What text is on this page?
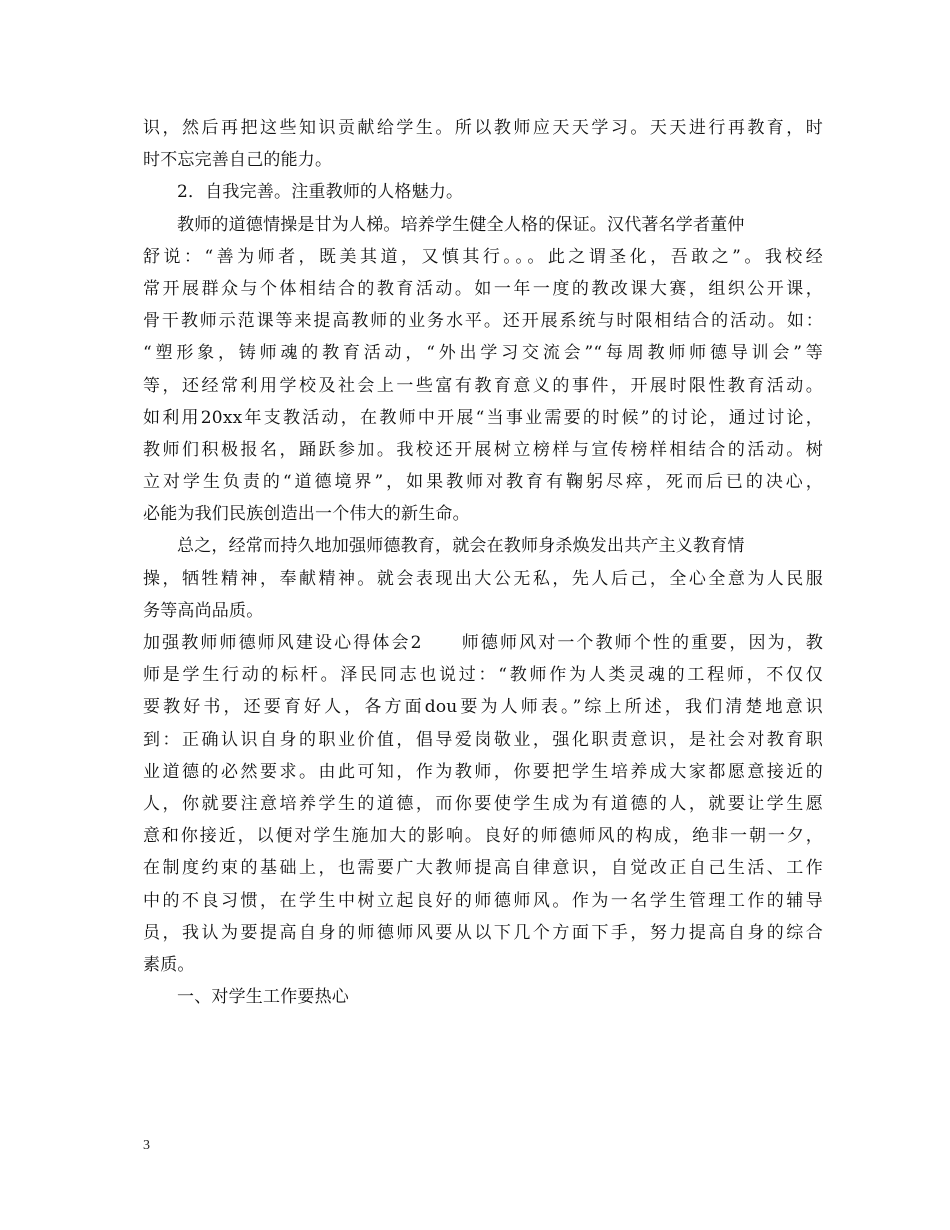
识，然后再把这些知识贡献给学生。所以教师应天天学习。天天进行再教育，时
时不忘完善自己的能力。
2．自我完善。注重教师的人格魅力。
教师的道德情操是甘为人梯。培养学生健全人格的保证。汉代著名学者董仲
舒说：“善为师者，既美其道，又慎其行。。。此之谓圣化，吾敢之”。我校经
常开展群众与个体相结合的教育活动。如一年一度的教改课大赛，组织公开课，
骨干教师示范课等来提高教师的业务水平。还开展系统与时限相结合的活动。如：
“塑形象，铸师魂的教育活动，“外出学习交流会”“每周教师师德导训会”等
等，还经常利用学校及社会上一些富有教育意义的事件，开展时限性教育活动。
如利用20xx年支教活动，在教师中开展“当事业需要的时候”的讨论，通过讨论，
教师们积极报名，踊跃参加。我校还开展树立榜样与宣传榜样相结合的活动。树
立对学生负责的“道德境界”，如果教师对教育有鞠躬尽瘁，死而后已的决心，
必能为我们民族创造出一个伟大的新生命。
总之，经常而持久地加强师德教育，就会在教师身杀焕发出共产主义教育情
操，牺牲精神，奉献精神。就会表现出大公无私，先人后己，全心全意为人民服
务等高尚品质。
加强教师师德师风建设心得体会2　　师德师风对一个教师个性的重要，因为，教
师是学生行动的标杆。泽民同志也说过：“教师作为人类灵魂的工程师，不仅仅
要教好书，还要育好人，各方面dou要为人师表。”综上所述，我们清楚地意识
到：正确认识自身的职业价值，倡导爱岗敬业，强化职责意识，是社会对教育职
业道德的必然要求。由此可知，作为教师，你要把学生培养成大家都愿意接近的
人，你就要注意培养学生的道德，而你要使学生成为有道德的人，就要让学生愿
意和你接近，以便对学生施加大的影响。良好的师德师风的构成，绝非一朝一夕，
在制度约束的基础上，也需要广大教师提高自律意识，自觉改正自己生活、工作
中的不良习惯，在学生中树立起良好的师德师风。作为一名学生管理工作的辅导
员，我认为要提高自身的师德师风要从以下几个方面下手，努力提高自身的综合
素质。
一、对学生工作要热心
3
